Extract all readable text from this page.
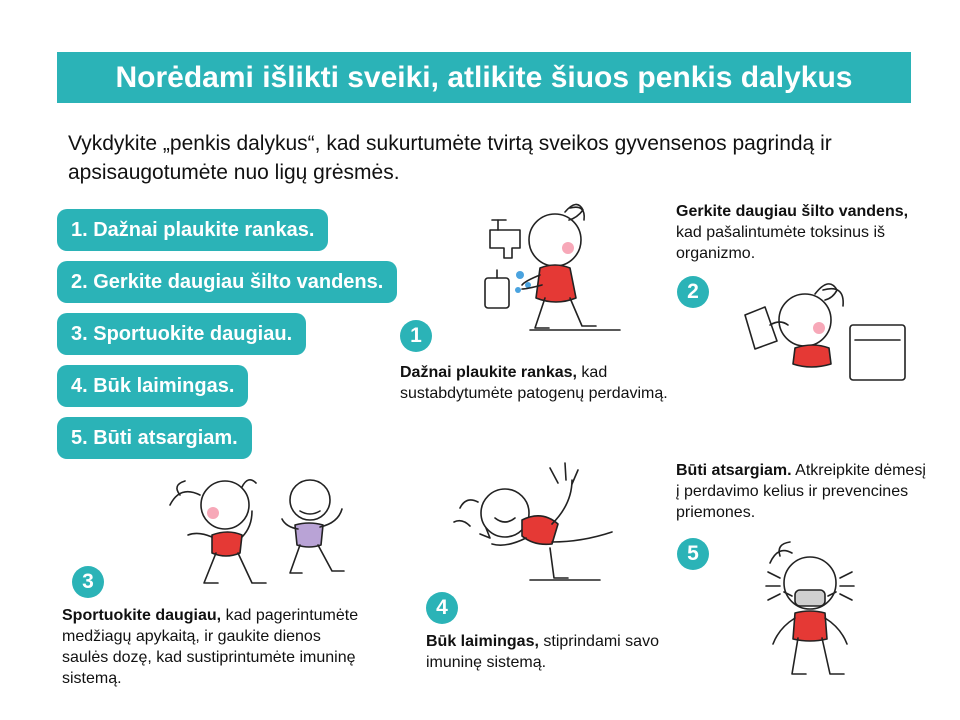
Norėdami išlikti sveiki, atlikite šiuos penkis dalykus
Vykdykite „penkis dalykus“, kad sukurtumėte tvirtą sveikos gyvensenos pagrindą ir apsisaugotumėte nuo ligų grėsmės.
1. Dažnai plaukite rankas.
2. Gerkite daugiau šilto vandens.
3. Sportuokite daugiau.
4. Būk laimingas.
5. Būti atsargiam.
1
Dažnai plaukite rankas, kad sustabdytumėte patogenų perdavimą.
Gerkite daugiau šilto vandens, kad pašalintumėte toksinus iš organizmo.
2
3
Sportuokite daugiau, kad pagerintumėte medžiagų apykaitą, ir gaukite dienos saulės dozę, kad sustiprintumėte imuninę sistemą.
4
Būk laimingas, stiprindami savo imuninę sistemą.
Būti atsargiam. Atkreipkite dėmesį į perdavimo kelius ir prevencines priemones.
5
